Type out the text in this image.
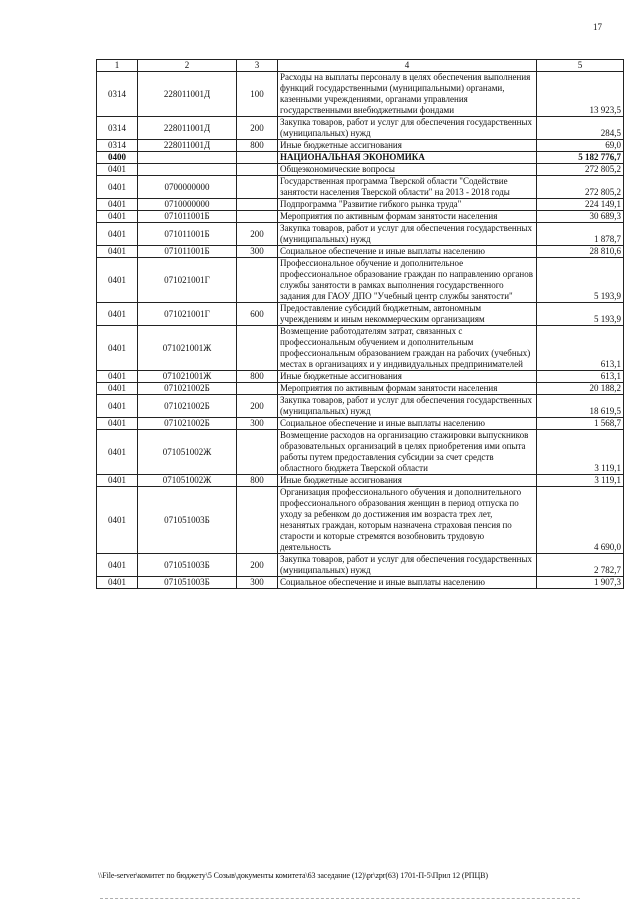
17
1	2	3	4	5
0314	228011001Д	100	Расходы на выплаты персоналу в целях обеспечения выполнения функций государственными (муниципальными) органами, казенными учреждениями, органами управления государственными внебюджетными фондами	13 923,5
0314	228011001Д	200	Закупка товаров, работ и услуг для обеспечения государственных (муниципальных) нужд	284,5
0314	228011001Д	800	Иные бюджетные ассигнования	69,0
0400			НАЦИОНАЛЬНАЯ ЭКОНОМИКА	5 182 776,7
0401			Общеэкономические вопросы	272 805,2
0401	0700000000		Государственная программа Тверской области "Содействие занятости населения Тверской области" на 2013 - 2018 годы	272 805,2
0401	0710000000		Подпрограмма "Развитие гибкого рынка труда"	224 149,1
0401	071011001Б		Мероприятия по активным формам занятости населения	30 689,3
0401	071011001Б	200	Закупка товаров, работ и услуг для обеспечения государственных (муниципальных) нужд	1 878,7
0401	071011001Б	300	Социальное обеспечение и иные выплаты населению	28 810,6
0401	071021001Г		Профессиональное обучение и дополнительное профессиональное образование граждан по направлению органов службы занятости в рамках выполнения государственного задания для ГАОУ ДПО "Учебный центр службы занятости"	5 193,9
0401	071021001Г	600	Предоставление субсидий бюджетным, автономным учреждениям и иным некоммерческим организациям	5 193,9
0401	071021001Ж		Возмещение работодателям затрат, связанных с профессиональным обучением и дополнительным профессиональным образованием граждан на рабочих (учебных) местах в организациях и у индивидуальных предпринимателей	613,1
0401	071021001Ж	800	Иные бюджетные ассигнования	613,1
0401	071021002Б		Мероприятия по активным формам занятости населения	20 188,2
0401	071021002Б	200	Закупка товаров, работ и услуг для обеспечения государственных (муниципальных) нужд	18 619,5
0401	071021002Б	300	Социальное обеспечение и иные выплаты населению	1 568,7
0401	071051002Ж		Возмещение расходов на организацию стажировки выпускников образовательных организаций в целях приобретения ими опыта работы путем предоставления субсидии за счет средств областного бюджета Тверской области	3 119,1
0401	071051002Ж	800	Иные бюджетные ассигнования	3 119,1
0401	071051003Б		Организация профессионального обучения и дополнительного профессионального образования женщин в период отпуска по уходу за ребенком до достижения им возраста трех лет, незанятых граждан, которым назначена страховая пенсия по старости и которые стремятся возобновить трудовую деятельность	4 690,0
0401	071051003Б	200	Закупка товаров, работ и услуг для обеспечения государственных (муниципальных) нужд	2 782,7
0401	071051003Б	300	Социальное обеспечение и иные выплаты населению	1 907,3
\\File-server\комитет по бюджету\5 Созыв\документы комитета\63 заседание (12)\pr\zpr(63) 1701-П-5\Прил 12 (РПЦВ)
